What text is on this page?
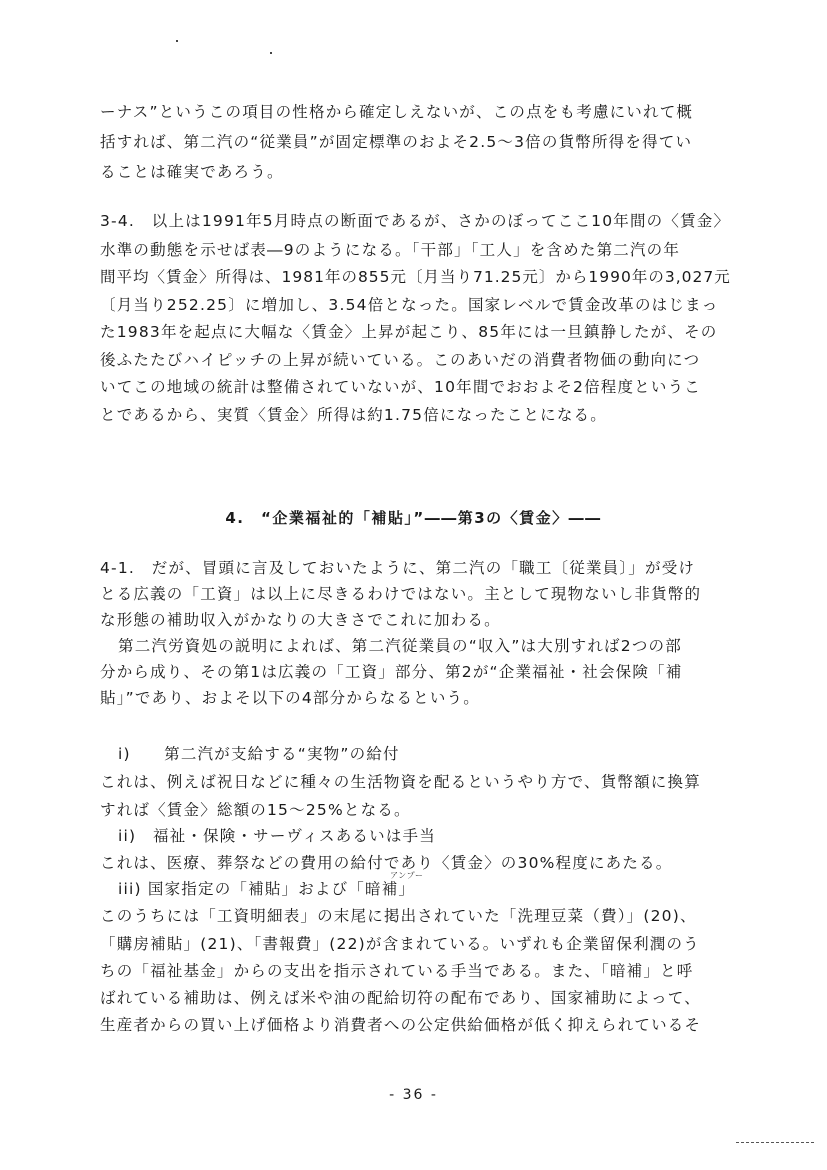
ーナス”というこの項目の性格から確定しえないが、この点をも考慮にいれて概
括すれば、第二汽の“従業員”が固定標準のおよそ2.5～3倍の貨幣所得を得てい
ることは確実であろう。
3-4.　以上は1991年5月時点の断面であるが、さかのぼってここ10年間の〈賃金〉
水準の動態を示せば表―9のようになる。「干部」「工人」を含めた第二汽の年
間平均〈賃金〉所得は、1981年の855元〔月当り71.25元〕から1990年の3,027元
〔月当り252.25〕に増加し、3.54倍となった。国家レベルで賃金改革のはじまっ
た1983年を起点に大幅な〈賃金〉上昇が起こり、85年には一旦鎮静したが、その
後ふたたびハイピッチの上昇が続いている。このあいだの消費者物価の動向につ
いてこの地域の統計は整備されていないが、10年間でおおよそ2倍程度というこ
とであるから、実質〈賃金〉所得は約1.75倍になったことになる。
4.　“企業福祉的「補貼」”――第3の〈賃金〉――
4-1.　だが、冒頭に言及しておいたように、第二汽の「職工〔従業員〕」が受け
とる広義の「工資」は以上に尽きるわけではない。主として現物ないし非貨幣的
な形態の補助収入がかなりの大きさでこれに加わる。
第二汽労資処の説明によれば、第二汽従業員の“収入”は大別すれば2つの部
分から成り、その第1は広義の「工資」部分、第2が“企業福祉・社会保険「補
貼」”であり、およそ以下の4部分からなるという。
i)　　第二汽が支給する“実物”の給付
これは、例えば祝日などに種々の生活物資を配るというやり方で、貨幣額に換算
すれば〈賃金〉総額の15～25%となる。
ii)　福祉・保険・サーヴィスあるいは手当
これは、医療、葬祭などの費用の給付であり〈賃金〉の30%程度にあたる。
アンプー
iii) 国家指定の「補貼」および「暗補」
このうちには「工資明細表」の末尾に掲出されていた「洗理豆菜（費）」(20)、
「購房補貼」(21)、「書報費」(22)が含まれている。いずれも企業留保利潤のう
ちの「福祉基金」からの支出を指示されている手当である。また、「暗補」と呼
ばれている補助は、例えば米や油の配給切符の配布であり、国家補助によって、
生産者からの買い上げ価格より消費者への公定供給価格が低く抑えられているそ
- 36 -
